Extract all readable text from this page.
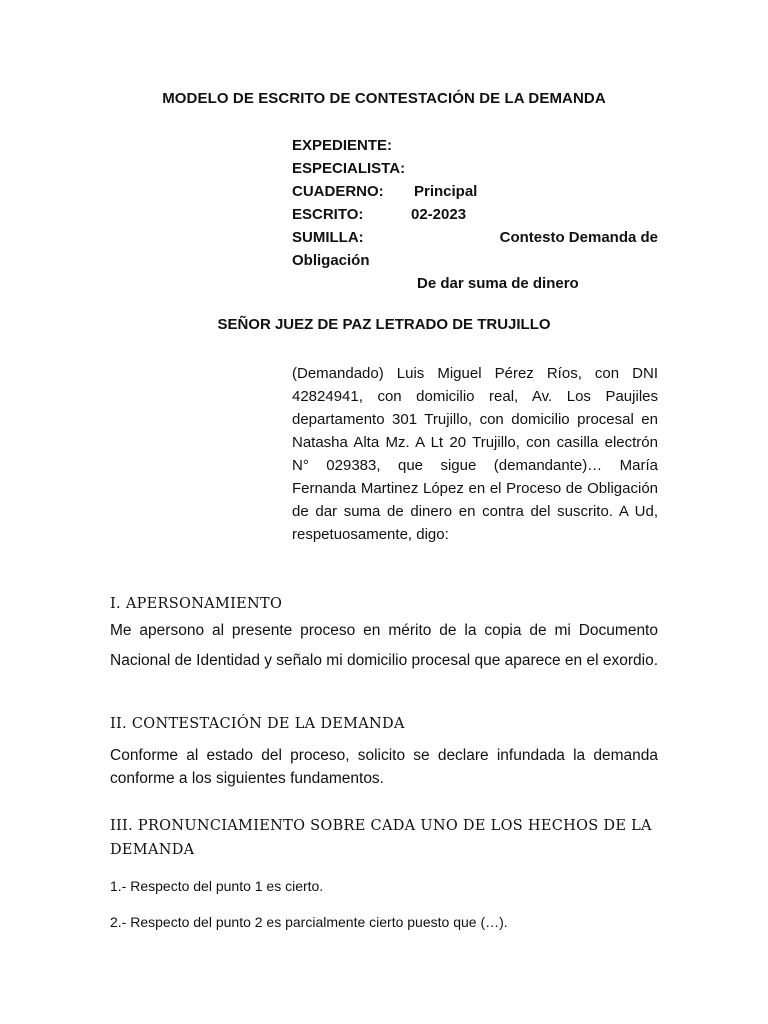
MODELO DE ESCRITO DE CONTESTACIÓN DE LA DEMANDA
EXPEDIENTE:
ESPECIALISTA:
CUADERNO: Principal
ESCRITO:	02-2023
SUMILLA:	Contesto Demanda de
Obligación
De dar suma de dinero
SEÑOR JUEZ DE PAZ LETRADO DE TRUJILLO
(Demandado) Luis Miguel Pérez Ríos, con DNI 42824941, con domicilio real, Av. Los Paujiles departamento 301 Trujillo, con domicilio procesal en Natasha Alta Mz. A Lt 20 Trujillo, con casilla electrón N° 029383, que sigue (demandante)… María Fernanda Martinez López en el Proceso de Obligación de dar suma de dinero en contra del suscrito. A Ud, respetuosamente, digo:
I. APERSONAMIENTO
Me apersono al presente proceso en mérito de la copia de mi Documento Nacional de Identidad y señalo mi domicilio procesal que aparece en el exordio.
II. CONTESTACIÓN DE LA DEMANDA
Conforme al estado del proceso, solicito se declare infundada la demanda conforme a los siguientes fundamentos.
III. PRONUNCIAMIENTO SOBRE CADA UNO DE LOS HECHOS DE LA DEMANDA
1.- Respecto del punto 1 es cierto.
2.- Respecto del punto 2 es parcialmente cierto puesto que (…).
